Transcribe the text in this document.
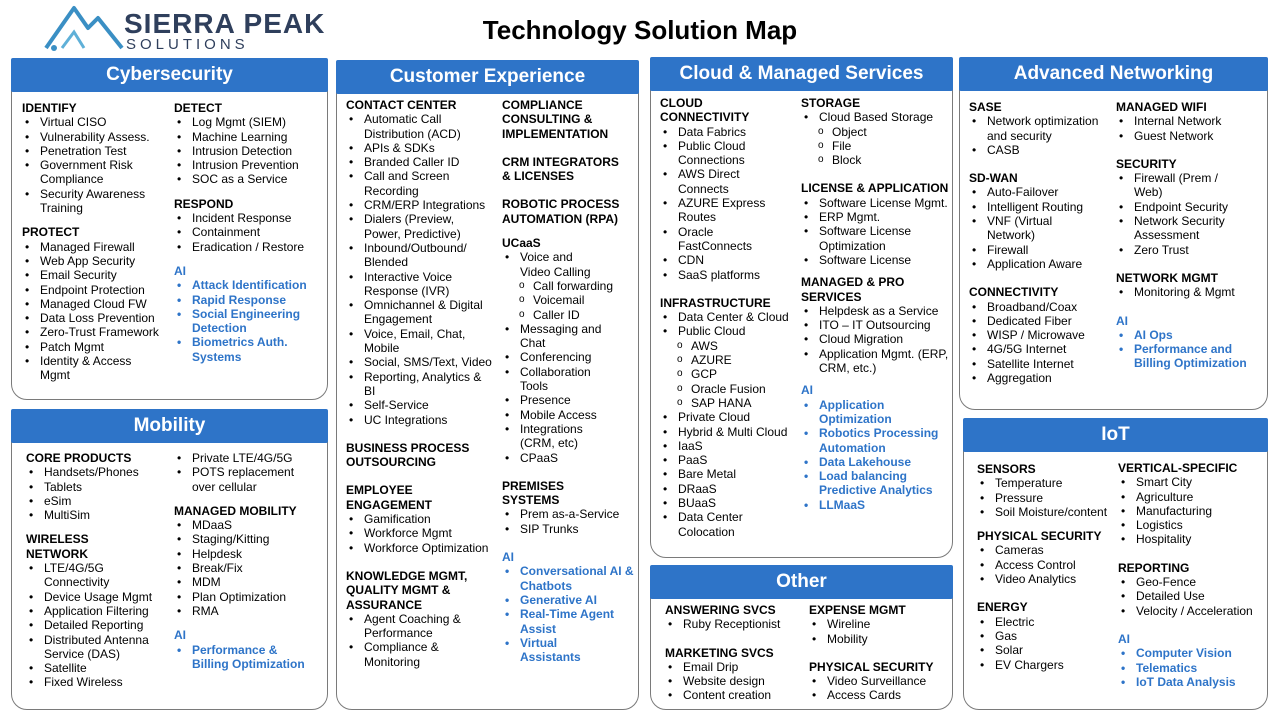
SIERRA PEAK
SOLUTIONS	Technology Solution Map
Cybersecurity
IDENTIFY
• Virtual CISO
• Vulnerability Assess.
• Penetration Test
• Government Risk Compliance
• Security Awareness Training
PROTECT
• Managed Firewall
• Web App Security
• Email Security
• Endpoint Protection
• Managed Cloud FW
• Data Loss Prevention
• Zero-Trust Framework
• Patch Mgmt
• Identity & Access Mgmt
DETECT
• Log Mgmt (SIEM)
• Machine Learning
• Intrusion Detection
• Intrusion Prevention
• SOC as a Service
RESPOND
• Incident Response
• Containment
• Eradication / Restore
AI
• Attack Identification
• Rapid Response
• Social Engineering Detection
• Biometrics Auth. Systems
Mobility
CORE PRODUCTS
• Handsets/Phones
• Tablets
• eSim
• MultiSim
WIRELESS NETWORK
• LTE/4G/5G Connectivity
• Device Usage Mgmt
• Application Filtering
• Detailed Reporting
• Distributed Antenna Service (DAS)
• Satellite
• Fixed Wireless
• Private LTE/4G/5G
• POTS replacement over cellular
MANAGED MOBILITY
• MDaaS
• Staging/Kitting
• Helpdesk
• Break/Fix
• MDM
• Plan Optimization
• RMA
AI
• Performance & Billing Optimization
Customer Experience
CONTACT CENTER
• Automatic Call Distribution (ACD)
• APIs & SDKs
• Branded Caller ID
• Call and Screen Recording
• CRM/ERP Integrations
• Dialers (Preview, Power, Predictive)
• Inbound/Outbound/ Blended
• Interactive Voice Response (IVR)
• Omnichannel & Digital Engagement
• Voice, Email, Chat, Mobile
• Social, SMS/Text, Video
• Reporting, Analytics & BI
• Self-Service
• UC Integrations
BUSINESS PROCESS OUTSOURCING
EMPLOYEE ENGAGEMENT
• Gamification
• Workforce Mgmt
• Workforce Optimization
KNOWLEDGE MGMT, QUALITY MGMT & ASSURANCE
• Agent Coaching & Performance
• Compliance & Monitoring
COMPLIANCE CONSULTING & IMPLEMENTATION
CRM INTEGRATORS & LICENSES
ROBOTIC PROCESS AUTOMATION (RPA)
UCaaS
• Voice and Video Calling
o Call forwarding
o Voicemail
o Caller ID
• Messaging and Chat
• Conferencing
• Collaboration Tools
• Presence
• Mobile Access
• Integrations (CRM, etc)
• CPaaS
PREMISES SYSTEMS
• Prem as-a-Service
• SIP Trunks
AI
• Conversational AI & Chatbots
• Generative AI
• Real-Time Agent Assist
• Virtual Assistants
Cloud & Managed Services
CLOUD CONNECTIVITY
• Data Fabrics
• Public Cloud Connections
• AWS Direct Connects
• AZURE Express Routes
• Oracle FastConnects
• CDN
• SaaS platforms
INFRASTRUCTURE
• Data Center & Cloud
• Public Cloud
o AWS
o AZURE
o GCP
o Oracle Fusion
o SAP HANA
• Private Cloud
• Hybrid & Multi Cloud
• IaaS
• PaaS
• Bare Metal
• DRaaS
• BUaaS
• Data Center Colocation
STORAGE
• Cloud Based Storage
o Object
o File
o Block
LICENSE & APPLICATION
• Software License Mgmt.
• ERP Mgmt.
• Software License Optimization
• Software License
MANAGED & PRO SERVICES
• Helpdesk as a Service
• ITO – IT Outsourcing
• Cloud Migration
• Application Mgmt. (ERP, CRM, etc.)
AI
• Application Optimization
• Robotics Processing Automation
• Data Lakehouse
• Load balancing Predictive Analytics
• LLMaaS
Other
ANSWERING SVCS
• Ruby Receptionist
MARKETING SVCS
• Email Drip
• Website design
• Content creation
EXPENSE MGMT
• Wireline
• Mobility
PHYSICAL SECURITY
• Video Surveillance
• Access Cards
Advanced Networking
SASE
• Network optimization and security
• CASB
SD-WAN
• Auto-Failover
• Intelligent Routing
• VNF (Virtual Network)
• Firewall
• Application Aware
CONNECTIVITY
• Broadband/Coax
• Dedicated Fiber
• WISP / Microwave
• 4G/5G Internet
• Satellite Internet
• Aggregation
MANAGED WIFI
• Internal Network
• Guest Network
SECURITY
• Firewall (Prem / Web)
• Endpoint Security
• Network Security Assessment
• Zero Trust
NETWORK MGMT
• Monitoring & Mgmt
AI
• AI Ops
• Performance and Billing Optimization
IoT
SENSORS
• Temperature
• Pressure
• Soil Moisture/content
PHYSICAL SECURITY
• Cameras
• Access Control
• Video Analytics
ENERGY
• Electric
• Gas
• Solar
• EV Chargers
VERTICAL-SPECIFIC
• Smart City
• Agriculture
• Manufacturing
• Logistics
• Hospitality
REPORTING
• Geo-Fence
• Detailed Use
• Velocity / Acceleration
AI
• Computer Vision
• Telematics
• IoT Data Analysis
